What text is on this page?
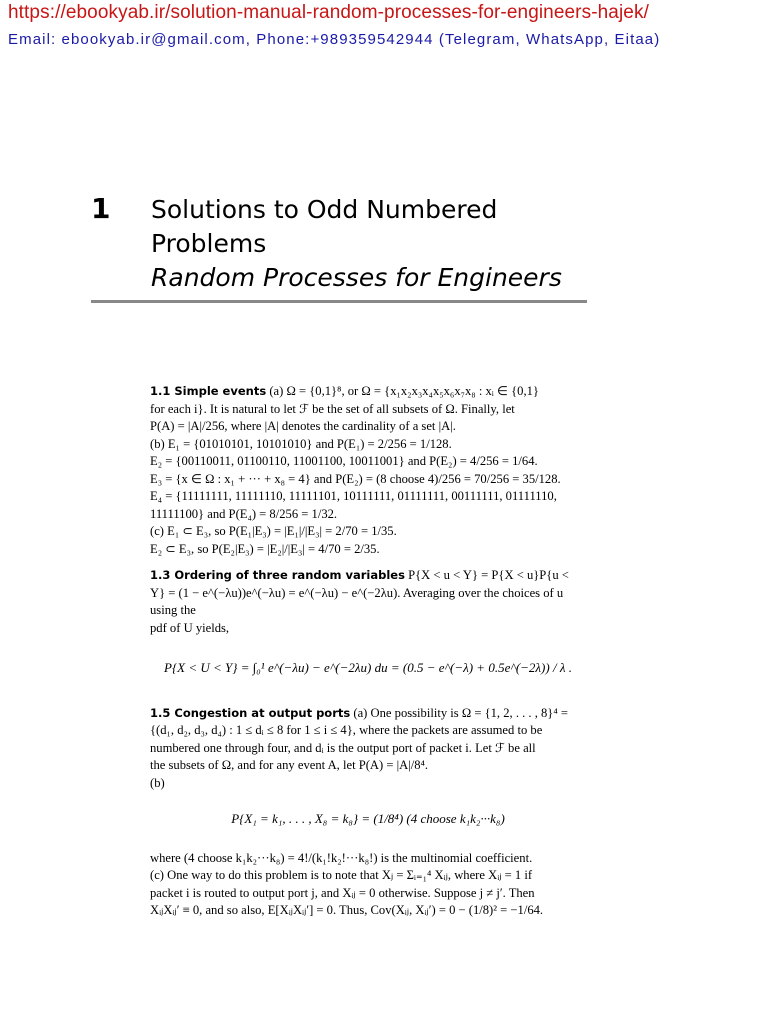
https://ebookyab.ir/solution-manual-random-processes-for-engineers-hajek/
Email: ebookyab.ir@gmail.com, Phone:+989359542944 (Telegram, WhatsApp, Eitaa)
1 Solutions to Odd Numbered
Problems
Random Processes for Engineers

1.1 Simple events (a) Ω = {0,1}⁸, or Ω = {x₁x₂x₃x₄x₅x₆x₇x₈ : xᵢ ∈ {0,1}

for each i}. It is natural to let ℱ be the set of all subsets of Ω. Finally, let

P(A) = |A|/256, where |A| denotes the cardinality of a set |A|.

(b) E₁ = {01010101, 10101010} and P(E₁) = 2/256 = 1/128.

E₂ = {00110011, 01100110, 11001100, 10011001} and P(E₂) = 4/256 = 1/64.

E₃ = {x ∈ Ω : x₁ + ··· + x₈ = 4} and P(E₂) = (8 choose 4)/256 = 70/256 = 35/128.

E₄ = {11111111, 11111110, 11111101, 10111111, 01111111, 00111111, 01111110,

11111100} and P(E₄) = 8/256 = 1/32.

(c) E₁ ⊂ E₃, so P(E₁|E₃) = |E₁|/|E₃| = 2/70 = 1/35.

E₂ ⊂ E₃, so P(E₂|E₃) = |E₂|/|E₃| = 4/70 = 2/35.

1.3 Ordering of three random variables P{X < u < Y} = P{X < u}P{u <

Y} = (1 − e^(−λu))e^(−λu) = e^(−λu) − e^(−2λu). Averaging over the choices of u using the

pdf of U yields,

P{X < U < Y} = ∫₀¹ e^(−λu) − e^(−2λu) du = (0.5 − e^(−λ) + 0.5e^(−2λ)) / λ .

1.5 Congestion at output ports (a) One possibility is Ω = {1, 2, . . . , 8}⁴ =

{(d₁, d₂, d₃, d₄) : 1 ≤ dᵢ ≤ 8 for 1 ≤ i ≤ 4}, where the packets are assumed to be

numbered one through four, and dᵢ is the output port of packet i. Let ℱ be all

the subsets of Ω, and for any event A, let P(A) = |A|/8⁴.

(b)

P{X₁ = k₁, . . . , X₈ = k₈} = (1/8⁴) (4 choose k₁k₂···k₈)

where (4 choose k₁k₂···k₈) = 4!/(k₁!k₂!···k₈!) is the multinomial coefficient.

(c) One way to do this problem is to note that Xⱼ = Σᵢ₌₁⁴ Xᵢⱼ, where Xᵢⱼ = 1 if

packet i is routed to output port j, and Xᵢⱼ = 0 otherwise. Suppose j ≠ j′. Then

XᵢⱼXᵢⱼ′ ≡ 0, and so also, E[XᵢⱼXᵢⱼ′] = 0. Thus, Cov(Xᵢⱼ, Xᵢⱼ′) = 0 − (1/8)² = −1/64.
